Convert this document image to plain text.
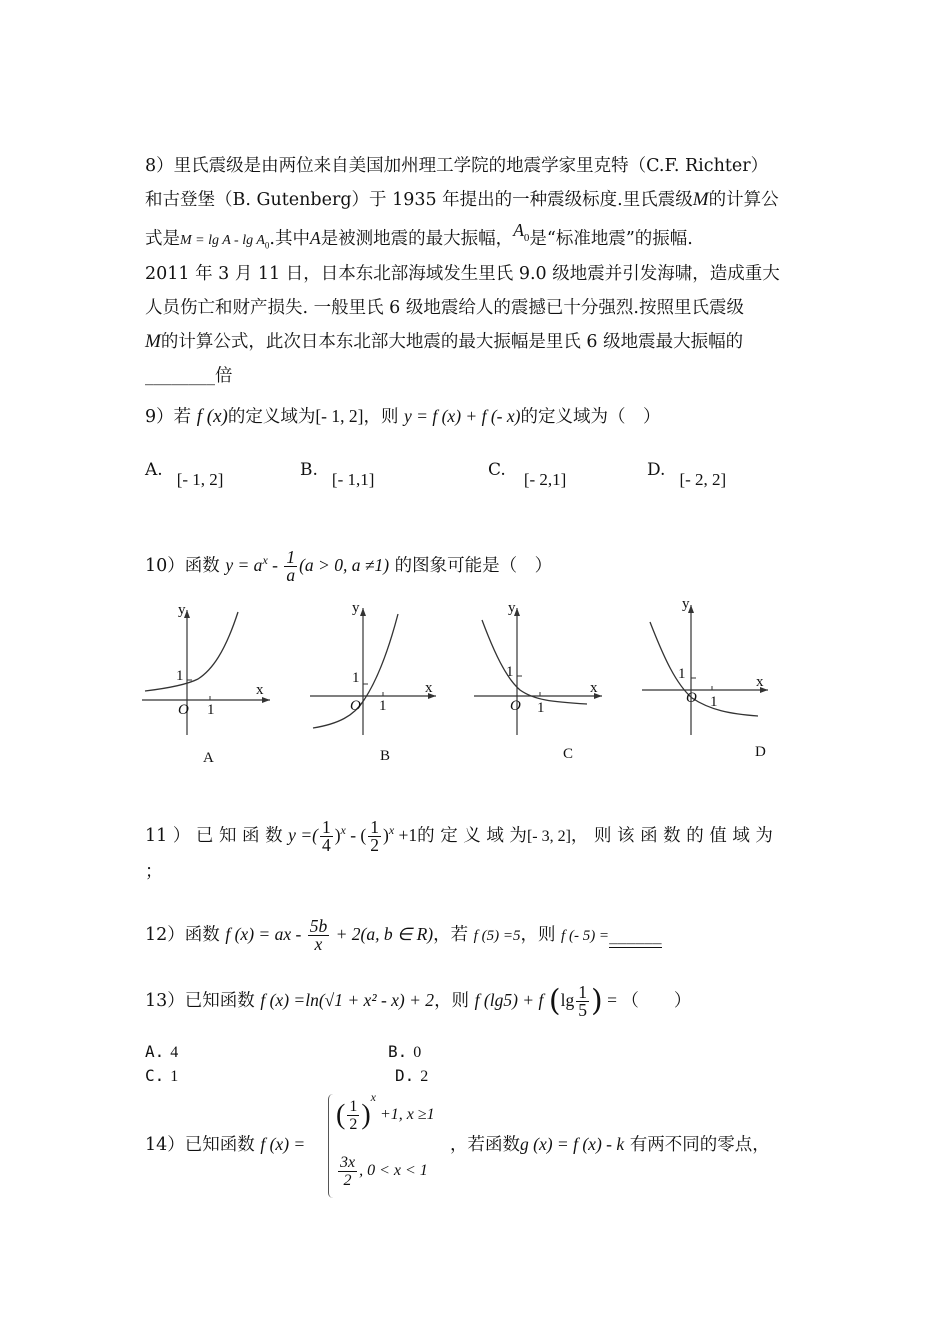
8）里氏震级是由两位来自美国加州理工学院的地震学家里克特（C.F. Richter）
和古登堡（B. Gutenberg）于 1935 年提出的一种震级标度.里氏震级M的计算公
式是$M = \lg A - \lg A_0$.其中A是被测地震的最大振幅，$A_0$是“标准地震”的振幅.
2011 年 3 月 11 日，日本东北部海域发生里氏 9.0 级地震并引发海啸，造成重大
人员伤亡和财产损失. 一般里氏 6 级地震给人的震撼已十分强烈.按照里氏震级
M的计算公式，此次日本东北部大地震的最大振幅是里氏 6 级地震最大振幅的
________倍
9）若 f (x)的定义域为[- 1, 2]，则 y = f (x) + f (- x)的定义域为（　）
A. [- 1, 2]	B. [- 1,1]	C. [- 2,1]	D. [- 2, 2]
10）函数 $y = a^x - \frac{1}{a} (a > 0$, a ≠1) 的图象可能是（　）
y
x
1
O 1
A
y
x
1
O 1
B
y
x
1
O 1
C
y
x
1
O 1
D
11 ） 已 知 函 数 y =( $\frac{1}{4} )^x$ - ( $\frac{1}{2} )^x +1$的 定 义 域 为[- 3, 2]， 则 该 函 数 的 值 域 为
；
12）函数 f (x) = ax - $\frac{5b}{x} + 2(a$, b ∈ R)，若 f (5) =5，则 f (- 5) =______
13）已知函数 f (x) =ln(√1 + x² - x) + 2，则 f (lg5) + f ($\lg \frac{1}{5}$ ) = （　　）
A. 4	B. 0
C. 1	D. 2
14）已知函数 f (x) =
( $\frac{1}{2} )^x +1$, x ≥1
$\frac{3x}{2}$ , 0 < x < 1
，若函数g (x) = f (x) - k 有两不同的零点，
